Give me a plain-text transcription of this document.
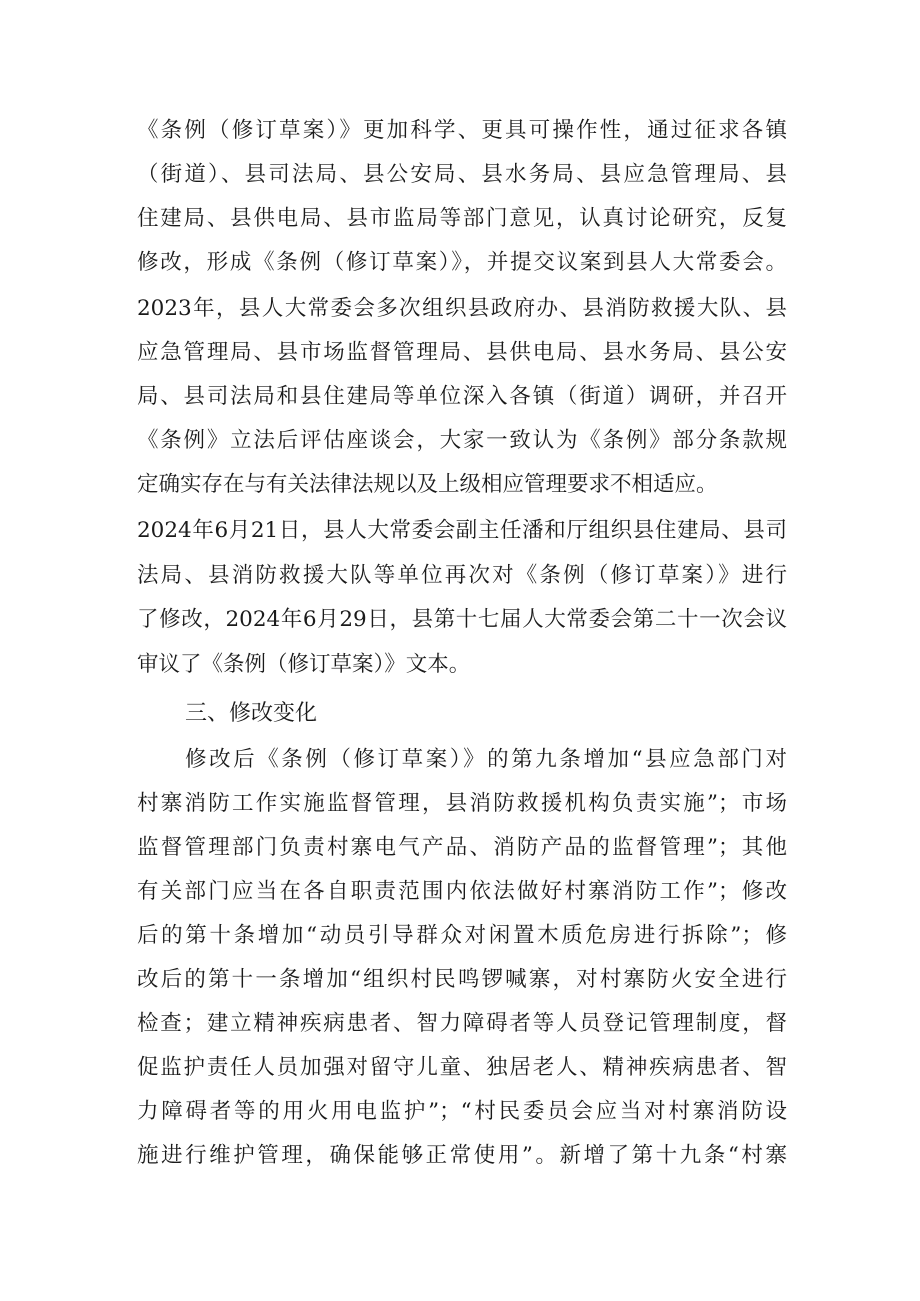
《条例（修订草案）》更加科学、更具可操作性，通过征求各镇
（街道）、县司法局、县公安局、县水务局、县应急管理局、县
住建局、县供电局、县市监局等部门意见，认真讨论研究，反复
修改，形成《条例（修订草案）》，并提交议案到县人大常委会。
2023年，县人大常委会多次组织县政府办、县消防救援大队、县
应急管理局、县市场监督管理局、县供电局、县水务局、县公安
局、县司法局和县住建局等单位深入各镇（街道）调研，并召开
《条例》立法后评估座谈会，大家一致认为《条例》部分条款规
定确实存在与有关法律法规以及上级相应管理要求不相适应。
2024年6月21日，县人大常委会副主任潘和厅组织县住建局、县司
法局、县消防救援大队等单位再次对《条例（修订草案）》进行
了修改，2024年6月29日，县第十七届人大常委会第二十一次会议
审议了《条例（修订草案）》文本。
三、修改变化
修改后《条例（修订草案）》的第九条增加“县应急部门对
村寨消防工作实施监督管理，县消防救援机构负责实施”；市场
监督管理部门负责村寨电气产品、消防产品的监督管理”；其他
有关部门应当在各自职责范围内依法做好村寨消防工作”；修改
后的第十条增加“动员引导群众对闲置木质危房进行拆除”；修
改后的第十一条增加“组织村民鸣锣喊寨，对村寨防火安全进行
检查；建立精神疾病患者、智力障碍者等人员登记管理制度，督
促监护责任人员加强对留守儿童、独居老人、精神疾病患者、智
力障碍者等的用火用电监护”；“村民委员会应当对村寨消防设
施进行维护管理，确保能够正常使用”。新增了第十九条“村寨
